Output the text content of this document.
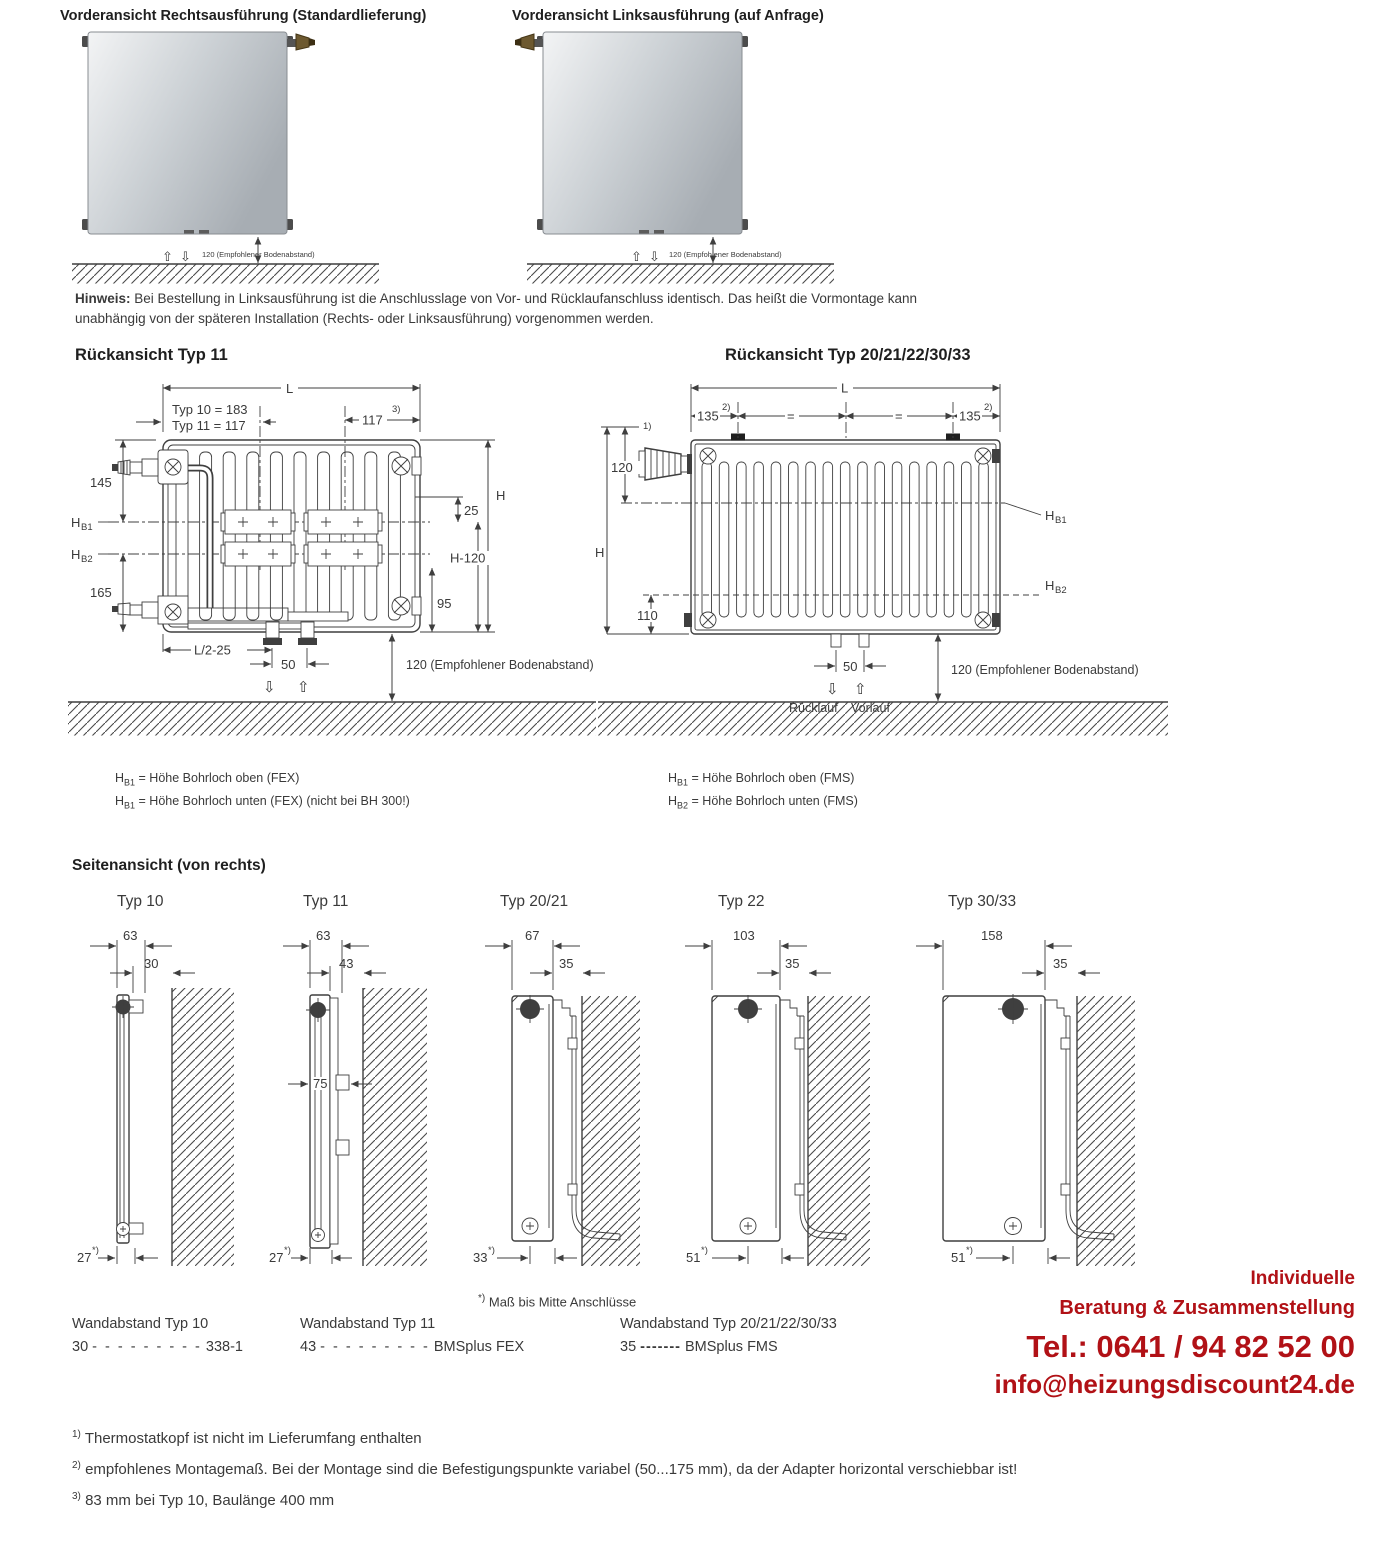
Vorderansicht Rechtsausführung (Standardlieferung)	Vorderansicht Linksausführung (auf Anfrage)
⇧ ⇩ 120 (Empfohlener Bodenabstand)	⇧ ⇩ 120 (Empfohlener Bodenabstand)
Hinweis: Bei Bestellung in Linksausführung ist die Anschlusslage von Vor- und Rücklaufanschluss identisch. Das heißt die Vormontage kann
unabhängig von der späteren Installation (Rechts- oder Linksausführung) vorgenommen werden.
Rückansicht Typ 11	Rückansicht Typ 20/21/22/30/33
L
Typ 10 = 183
Typ 11 = 117	117
3)
145
H B1
H B2
165
H
25
H-120
95
L/2-25
50
⇩ ⇧
120 (Empfohlener Bodenabstand)
1)
L
135
2)
=	=	135
2)
120
H
110
H B1
H B2
50
⇩ ⇧
120 (Empfohlener Bodenabstand)
$H_{B1}$ = Höhe Bohrloch oben (FEX)
$H_{B1}$ = Höhe Bohrloch unten (FEX) (nicht bei BH 300!)
$H_{B1}$ = Höhe Bohrloch oben (FMS)
$H_{B2}$ = Höhe Bohrloch unten (FMS)
Seitenansicht (von rechts)
Typ 10	Typ 11	Typ 20/21	Typ 22	Typ 30/33
63
30
27 *)
63
43
75
27 *)
67
35
33 *)
103
35
51 *)
158
35
51 *)
*) Maß bis Mitte Anschlüsse
Wandabstand Typ 10
30 - - - - - - - - - 338-1
Wandabstand Typ 11
43 - - - - - - - - - BMSplus FEX
Wandabstand Typ 20/21/22/30/33
35 ------- BMSplus FMS
Individuelle
Beratung & Zusammenstellung
Tel.: 0641 / 94 82 52 00
info@heizungsdiscount24.de
$^{1)}$ Thermostatkopf ist nicht im Lieferumfang enthalten
$^{2)}$ empfohlenes Montagemaß. Bei der Montage sind die Befestigungspunkte variabel (50...175 mm), da der Adapter horizontal verschiebbar ist!
$^{3)}$ 83 mm bei Typ 10, Baulänge 400 mm
